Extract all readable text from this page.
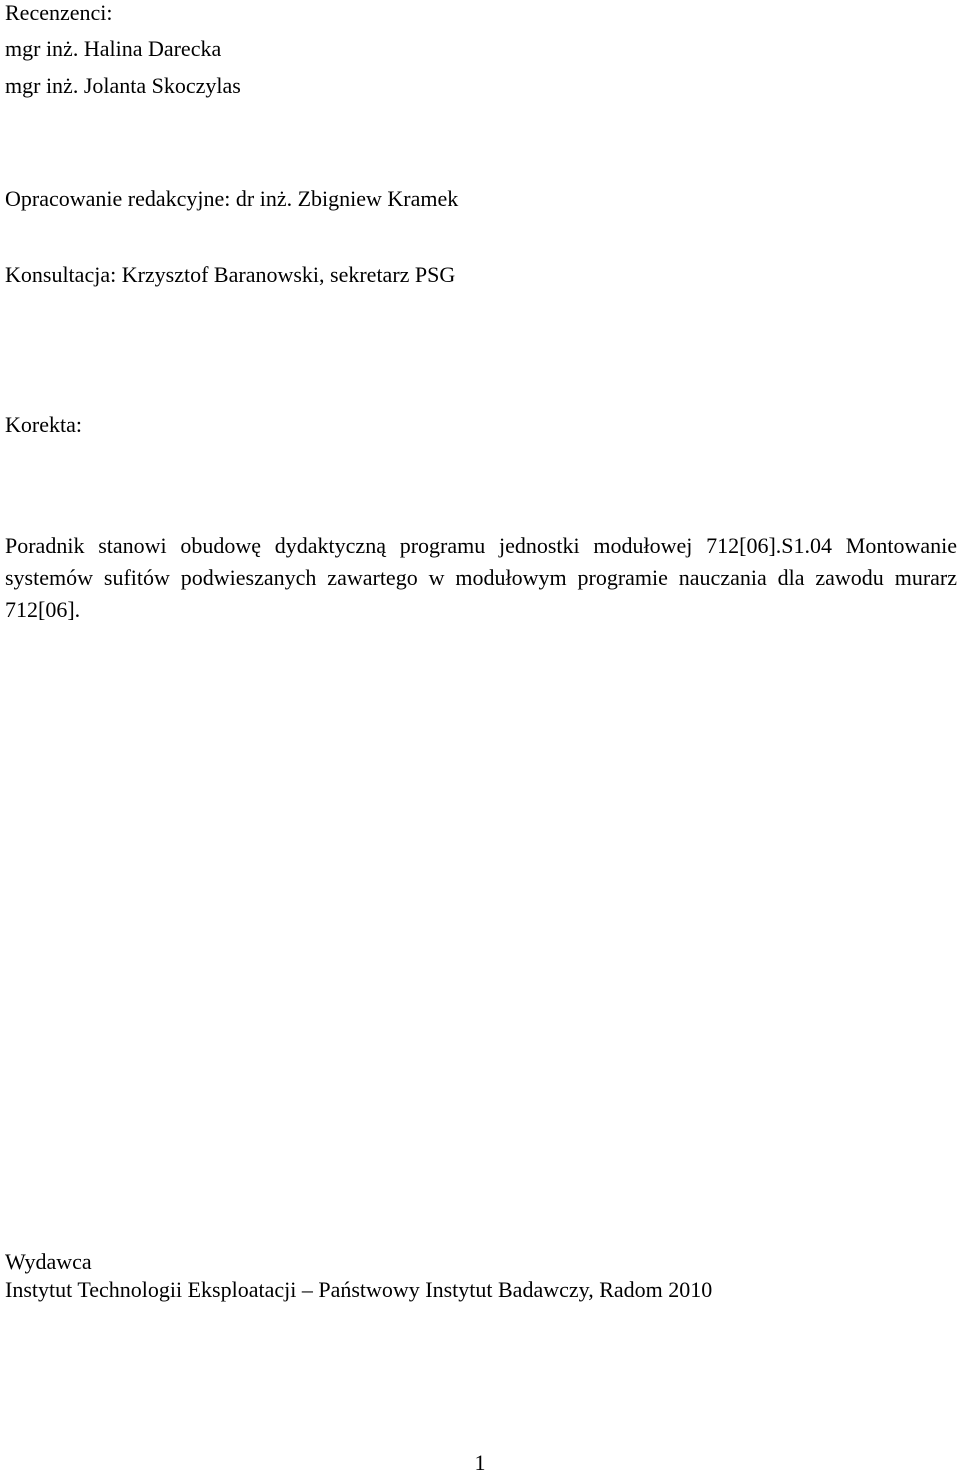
Recenzenci:

mgr inż. Halina Darecka

mgr inż. Jolanta Skoczylas

Opracowanie redakcyjne: dr inż. Zbigniew Kramek

Konsultacja: Krzysztof Baranowski, sekretarz PSG

Korekta:

Poradnik stanowi obudowę dydaktyczną programu jednostki modułowej 712[06].S1.04 Montowanie systemów sufitów podwieszanych zawartego w modułowym programie nauczania dla zawodu murarz 712[06].

Wydawca

Instytut Technologii Eksploatacji – Państwowy Instytut Badawczy, Radom 2010

1
